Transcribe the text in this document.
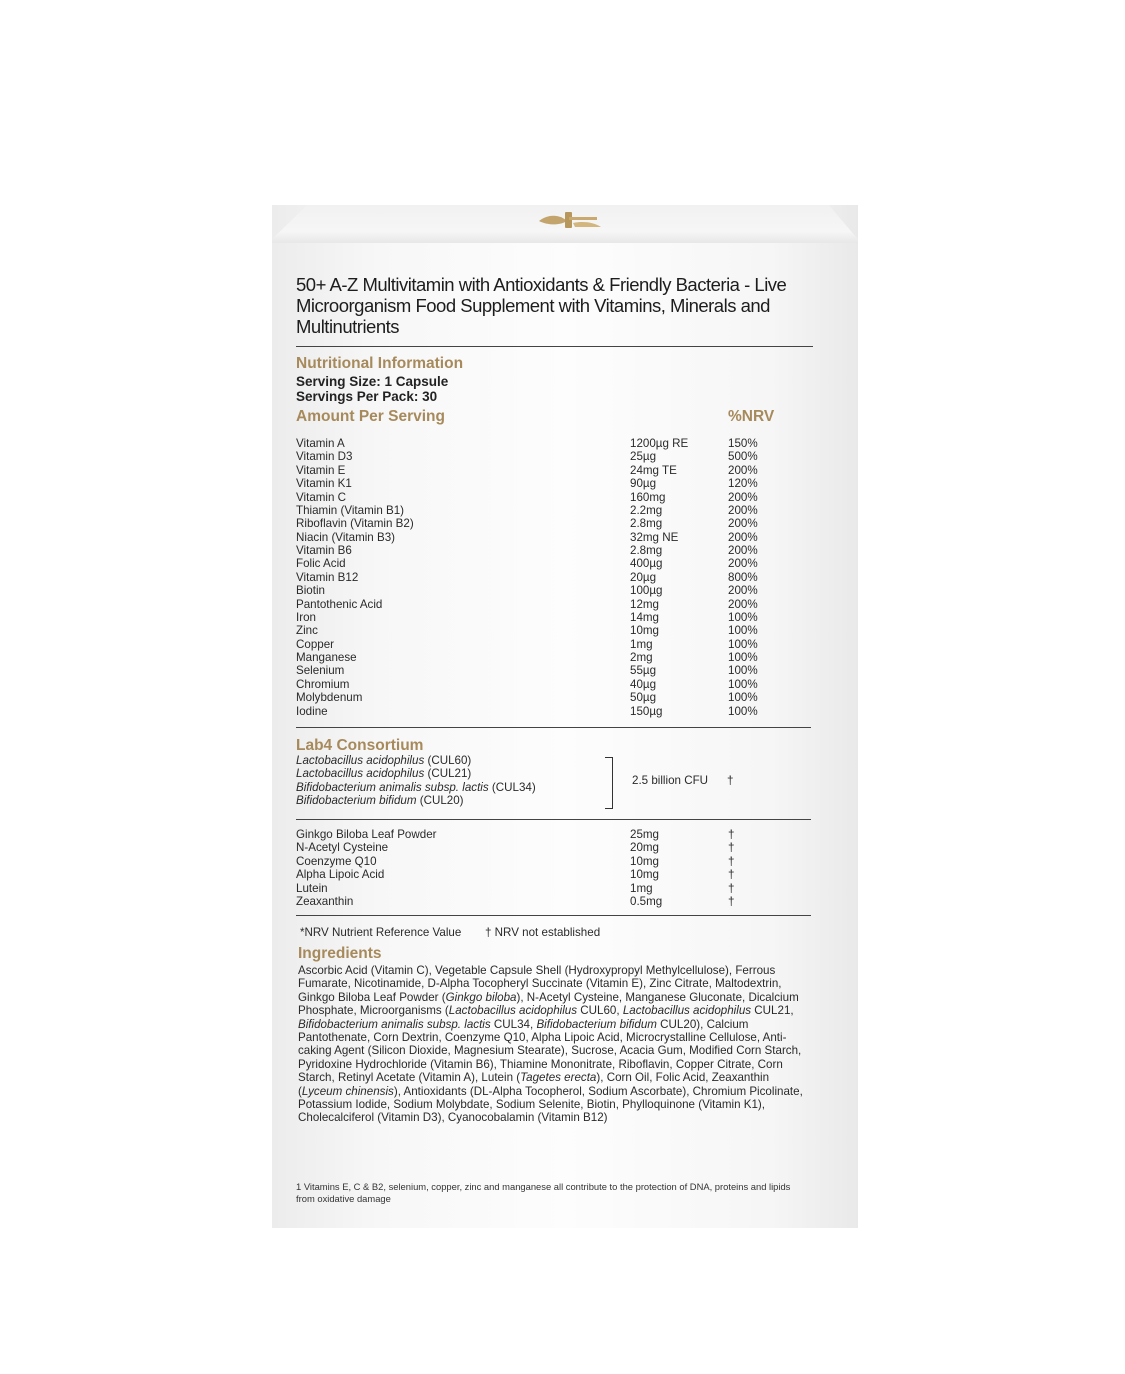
50+ A-Z Multivitamin with Antioxidants & Friendly Bacteria - Live Microorganism Food Supplement with Vitamins, Minerals and Multinutrients
Nutritional Information
Serving Size: 1 Capsule
Servings Per Pack: 30
Amount Per Serving	%NRV
Vitamin A	1200µg RE	150%
Vitamin D3	25µg	500%
Vitamin E	24mg TE	200%
Vitamin K1	90µg	120%
Vitamin C	160mg	200%
Thiamin (Vitamin B1)	2.2mg	200%
Riboflavin (Vitamin B2)	2.8mg	200%
Niacin (Vitamin B3)	32mg NE	200%
Vitamin B6	2.8mg	200%
Folic Acid	400µg	200%
Vitamin B12	20µg	800%
Biotin	100µg	200%
Pantothenic Acid	12mg	200%
Iron	14mg	100%
Zinc	10mg	100%
Copper	1mg	100%
Manganese	2mg	100%
Selenium	55µg	100%
Chromium	40µg	100%
Molybdenum	50µg	100%
Iodine	150µg	100%
Lab4 Consortium
Lactobacillus acidophilus (CUL60)
Lactobacillus acidophilus (CUL21)
Bifidobacterium animalis subsp. lactis (CUL34)
Bifidobacterium bifidum (CUL20)
2.5 billion CFU †
Ginkgo Biloba Leaf Powder	25mg	†
N-Acetyl Cysteine	20mg	†
Coenzyme Q10	10mg	†
Alpha Lipoic Acid	10mg	†
Lutein	1mg	†
Zeaxanthin	0.5mg	†
*NRV Nutrient Reference Value † NRV not established
Ingredients

Ascorbic Acid (Vitamin C), Vegetable Capsule Shell (Hydroxypropyl Methylcellulose), Ferrous Fumarate, Nicotinamide, D-Alpha Tocopheryl Succinate (Vitamin E), Zinc Citrate, Maltodextrin, Ginkgo Biloba Leaf Powder (Ginkgo biloba), N-Acetyl Cysteine, Manganese Gluconate, Dicalcium Phosphate, Microorganisms (Lactobacillus acidophilus CUL60, Lactobacillus acidophilus CUL21, Bifidobacterium animalis subsp. lactis CUL34, Bifidobacterium bifidum CUL20), Calcium Pantothenate, Corn Dextrin, Coenzyme Q10, Alpha Lipoic Acid, Microcrystalline Cellulose, Anti-caking Agent (Silicon Dioxide, Magnesium Stearate), Sucrose, Acacia Gum, Modified Corn Starch, Pyridoxine Hydrochloride (Vitamin B6), Thiamine Mononitrate, Riboflavin, Copper Citrate, Corn Starch, Retinyl Acetate (Vitamin A), Lutein (Tagetes erecta), Corn Oil, Folic Acid, Zeaxanthin (Lyceum chinensis), Antioxidants (DL-Alpha Tocopherol, Sodium Ascorbate), Chromium Picolinate, Potassium Iodide, Sodium Molybdate, Sodium Selenite, Biotin, Phylloquinone (Vitamin K1), Cholecalciferol (Vitamin D3), Cyanocobalamin (Vitamin B12)

1 Vitamins E, C & B2, selenium, copper, zinc and manganese all contribute to the protection of DNA, proteins and lipids from oxidative damage
